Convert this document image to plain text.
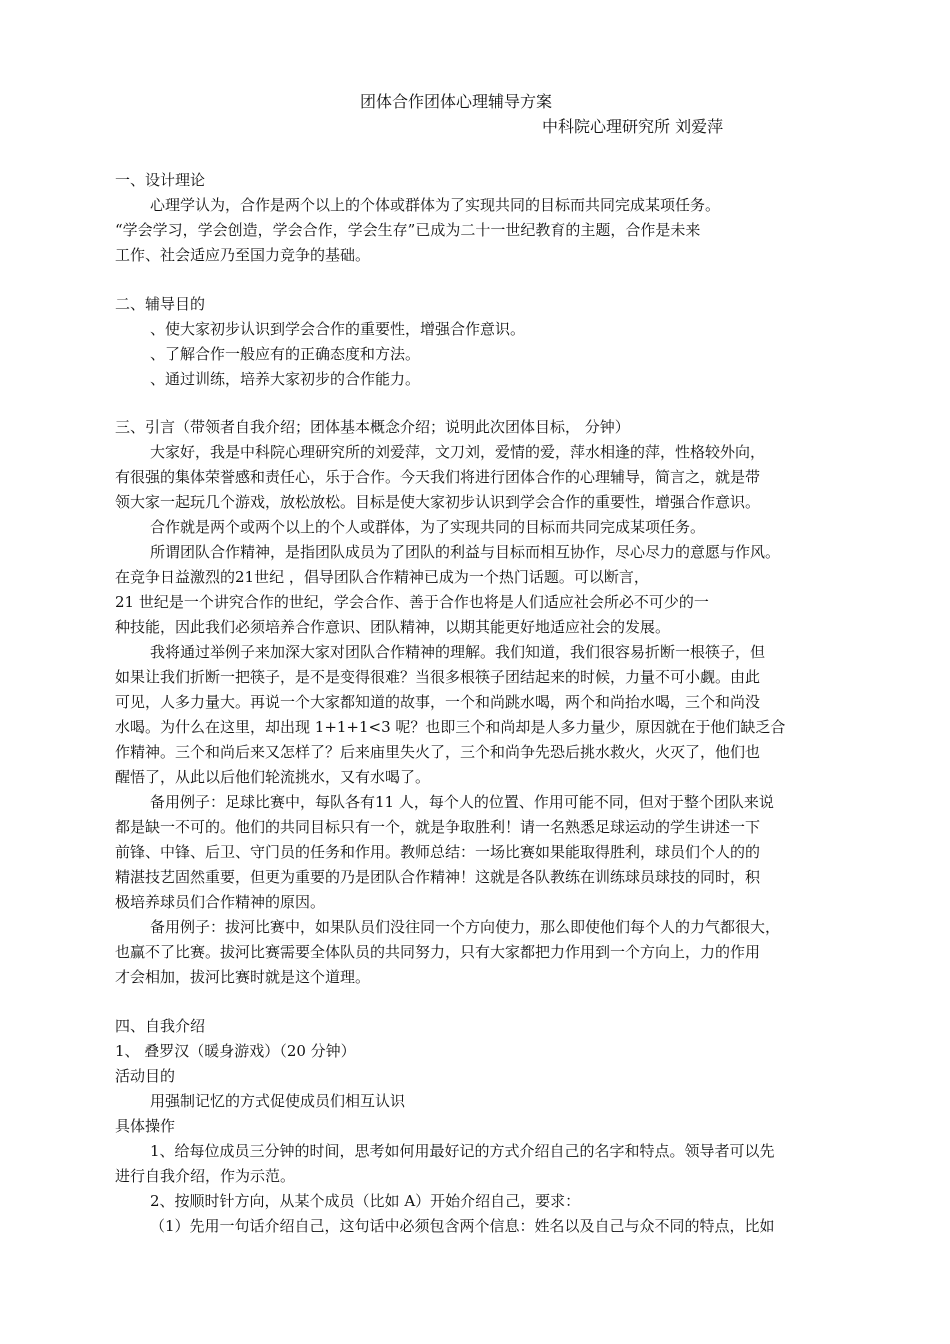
团体合作团体心理辅导方案
中科院心理研究所 刘爱萍
一、设计理论
心理学认为，合作是两个以上的个体或群体为了实现共同的目标而共同完成某项任务。
“学会学习，学会创造，学会合作，学会生存”已成为二十一世纪教育的主题，合作是未来
工作、社会适应乃至国力竞争的基础。
二、辅导目的
、使大家初步认识到学会合作的重要性，增强合作意识。
、了解合作一般应有的正确态度和方法。
、通过训练，培养大家初步的合作能力。
三、引言（带领者自我介绍；团体基本概念介绍；说明此次团体目标， 分钟）
大家好，我是中科院心理研究所的刘爱萍，文刀刘，爱情的爱，萍水相逢的萍，性格较外向，
有很强的集体荣誉感和责任心，乐于合作。今天我们将进行团体合作的心理辅导，简言之，就是带
领大家一起玩几个游戏，放松放松。目标是使大家初步认识到学会合作的重要性，增强合作意识。
合作就是两个或两个以上的个人或群体，为了实现共同的目标而共同完成某项任务。
所谓团队合作精神，是指团队成员为了团队的利益与目标而相互协作，尽心尽力的意愿与作风。
在竞争日益激烈的21世纪 ，倡导团队合作精神已成为一个热门话题。可以断言，
21 世纪是一个讲究合作的世纪，学会合作、善于合作也将是人们适应社会所必不可少的一
种技能，因此我们必须培养合作意识、团队精神，以期其能更好地适应社会的发展。
我将通过举例子来加深大家对团队合作精神的理解。我们知道，我们很容易折断一根筷子，但
如果让我们折断一把筷子，是不是变得很难？当很多根筷子团结起来的时候，力量不可小觑。由此
可见，人多力量大。再说一个大家都知道的故事，一个和尚跳水喝，两个和尚抬水喝，三个和尚没
水喝。为什么在这里，却出现 1+1+1<3 呢？也即三个和尚却是人多力量少，原因就在于他们缺乏合
作精神。三个和尚后来又怎样了？后来庙里失火了，三个和尚争先恐后挑水救火，火灭了，他们也
醒悟了，从此以后他们轮流挑水，又有水喝了。
备用例子：足球比赛中，每队各有11 人，每个人的位置、作用可能不同，但对于整个团队来说
都是缺一不可的。他们的共同目标只有一个，就是争取胜利！请一名熟悉足球运动的学生讲述一下
前锋、中锋、后卫、守门员的任务和作用。教师总结：一场比赛如果能取得胜利，球员们个人的的
精湛技艺固然重要，但更为重要的乃是团队合作精神！这就是各队教练在训练球员球技的同时，积
极培养球员们合作精神的原因。
备用例子：拔河比赛中，如果队员们没往同一个方向使力，那么即使他们每个人的力气都很大，
也赢不了比赛。拔河比赛需要全体队员的共同努力，只有大家都把力作用到一个方向上，力的作用
才会相加，拔河比赛时就是这个道理。
四、自我介绍
1、 叠罗汉（暖身游戏）（20 分钟）
活动目的
用强制记忆的方式促使成员们相互认识
具体操作
1、给每位成员三分钟的时间，思考如何用最好记的方式介绍自己的名字和特点。领导者可以先
进行自我介绍，作为示范。
2、按顺时针方向，从某个成员（比如 A）开始介绍自己，要求：
（1）先用一句话介绍自己，这句话中必须包含两个信息：姓名以及自己与众不同的特点，比如
